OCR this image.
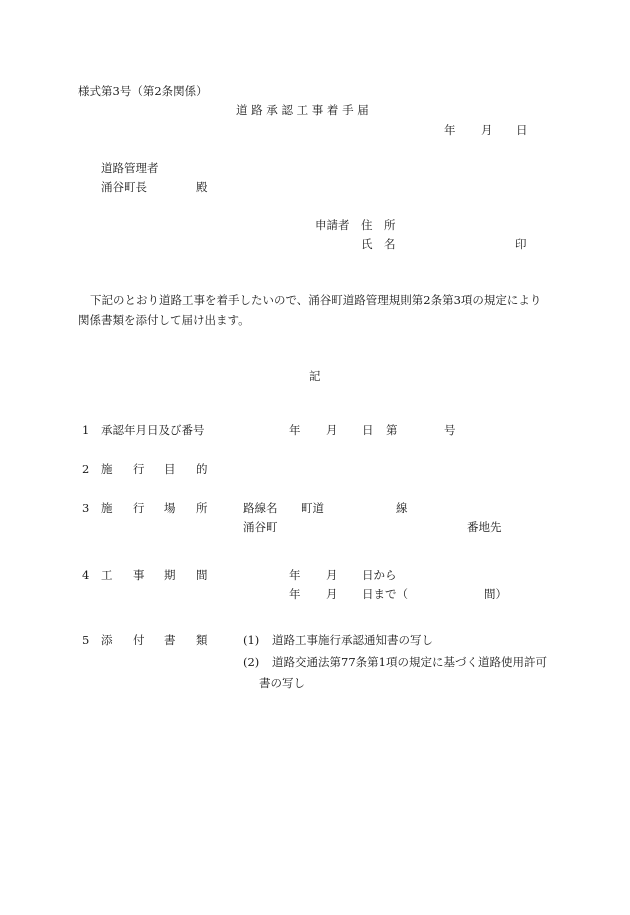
様式第3号（第2条関係）
道 路 承 認 工 事 着 手 届
年 月 日
道路管理者
涌谷町長	殿
申請者 住　所
氏　名	印
下記のとおり道路工事を着手したいので、涌谷町道路管理規則第2条第3項の規定により
関係書類を添付して届け出ます。
記
1 承認年月日及び番号	年 月 日 第	号
2 施 行 目 的
3 施 行 場 所	路線名 町道	線
涌谷町	番地先
4 工 事 期 間	年 月 日から
年 月 日まで（	間）
5 添 付 書 類	(1) 道路工事施行承認通知書の写し
(2) 道路交通法第77条第1項の規定に基づく道路使用許可
書の写し
